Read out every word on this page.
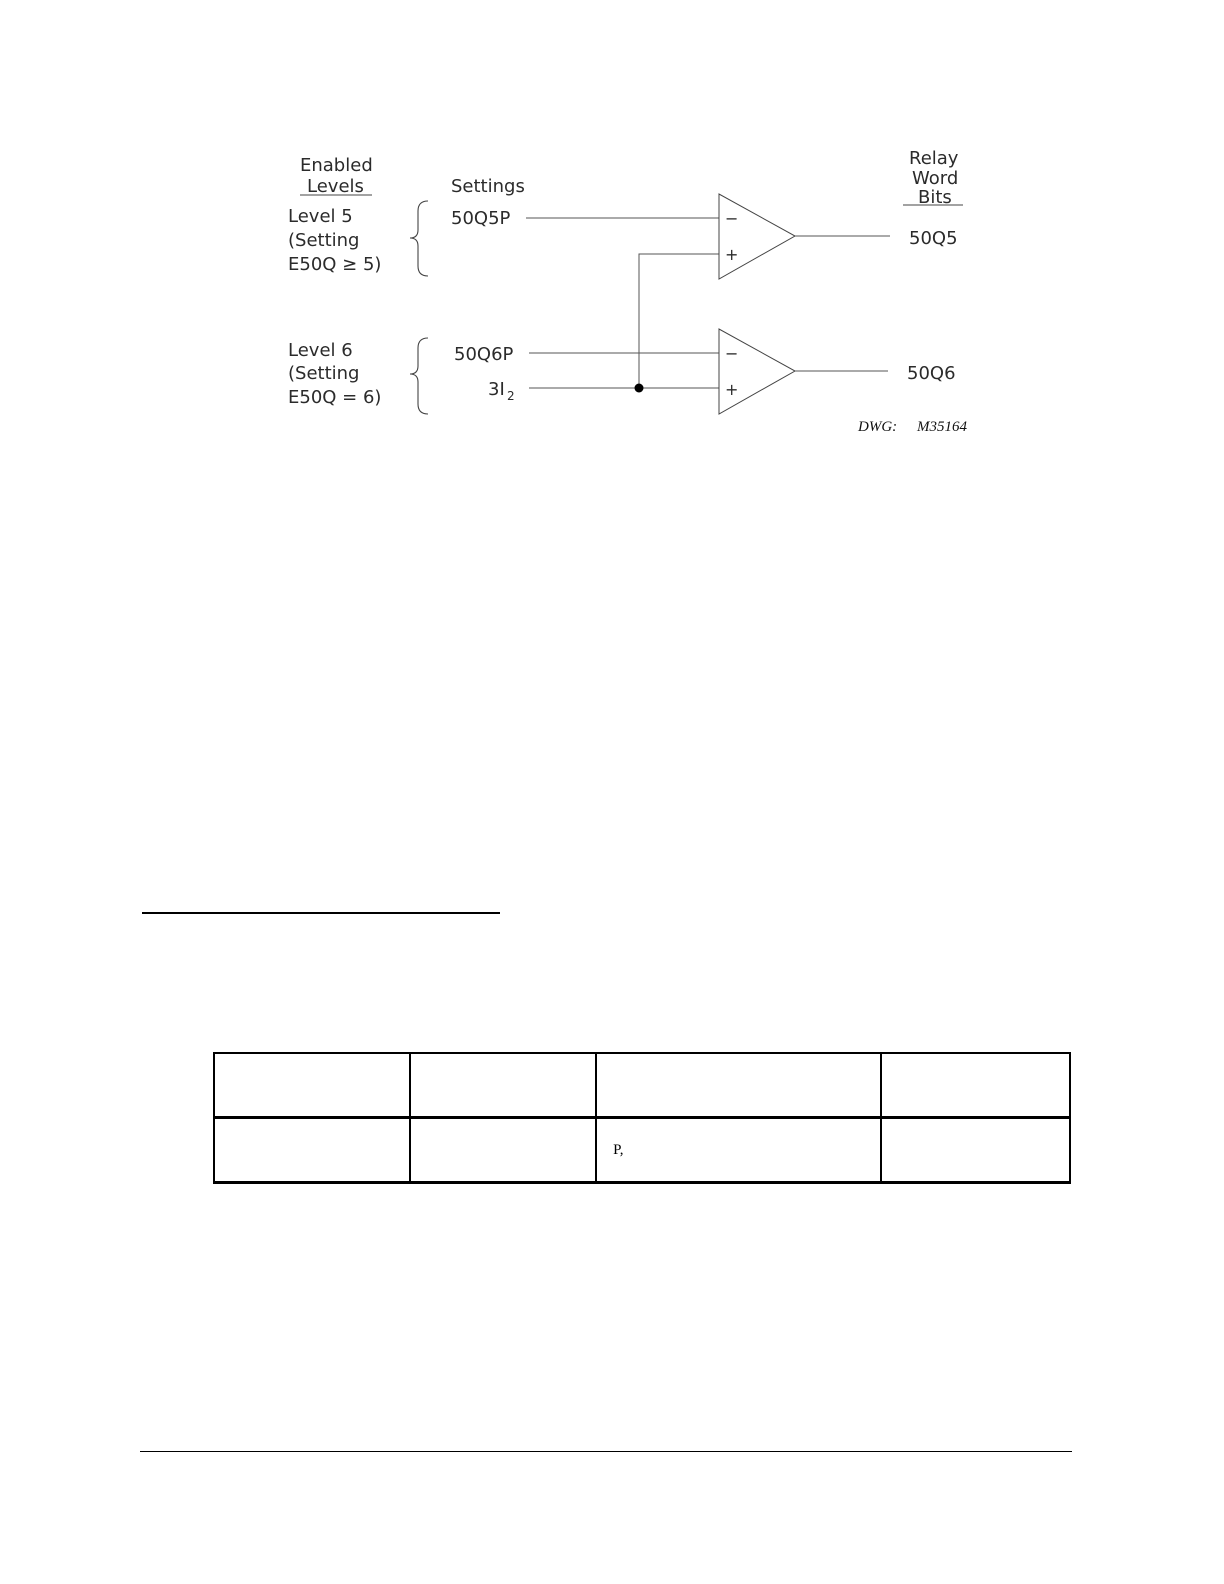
Enabled
Levels	Settings
Relay
Word
Bits
Level 5
(Setting
E50Q ≥ 5)
Level 6
(Setting
E50Q = 6)
50Q5P
50Q6P
3I 2
−
+
−
+
50Q5
50Q6
DWG: M35164

		P,	
